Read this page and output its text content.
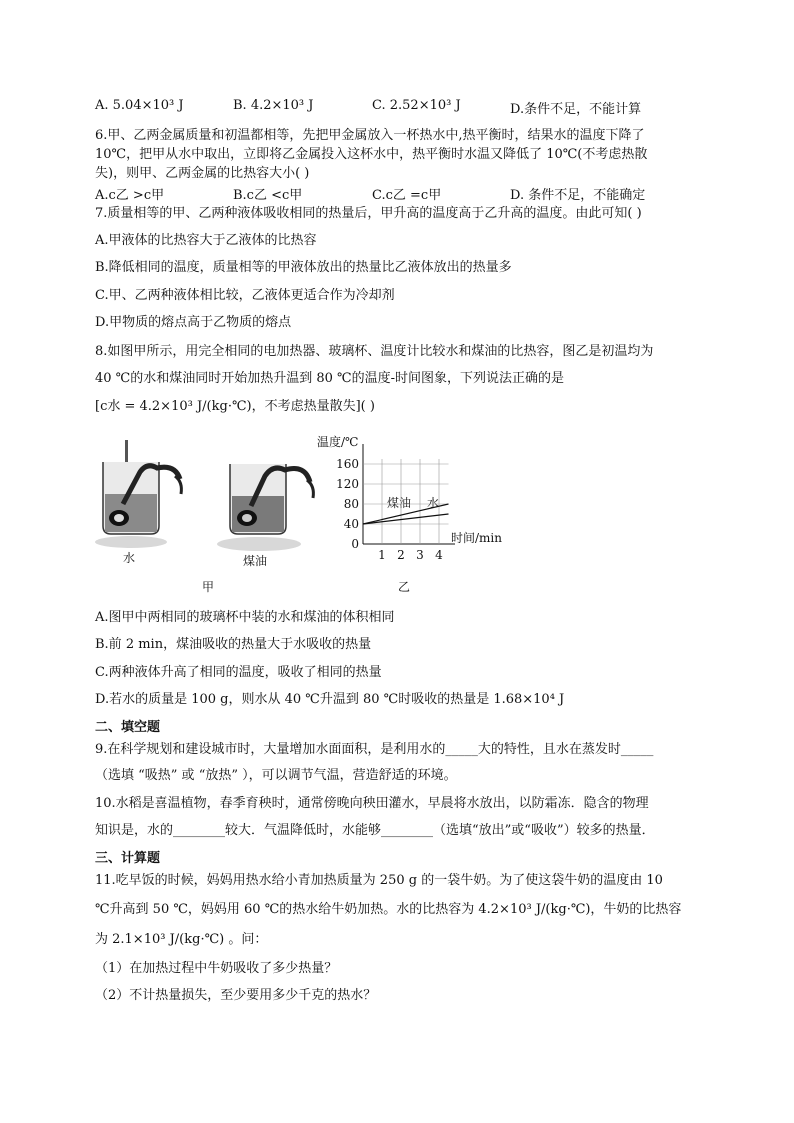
A. 5.04×10³ J	B. 4.2×10³ J	C. 2.52×10³ J	D.条件不足，不能计算
6.甲、乙两金属质量和初温都相等，先把甲金属放入一杯热水中,热平衡时，结果水的温度下降了
10℃，把甲从水中取出，立即将乙金属投入这杯水中，热平衡时水温又降低了 10℃(不考虑热散
失)，则甲、乙两金属的比热容大小( )
A.c乙 >c甲	B.c乙 <c甲	C.c乙 =c甲	D. 条件不足，不能确定
7.质量相等的甲、乙两种液体吸收相同的热量后，甲升高的温度高于乙升高的温度。由此可知( )
A.甲液体的比热容大于乙液体的比热容
B.降低相同的温度，质量相等的甲液体放出的热量比乙液体放出的热量多
C.甲、乙两种液体相比较，乙液体更适合作为冷却剂
D.甲物质的熔点高于乙物质的熔点
8.如图甲所示，用完全相同的电加热器、玻璃杯、温度计比较水和煤油的比热容，图乙是初温均为
40 ℃的水和煤油同时开始加热升温到 80 ℃的温度-时间图象，下列说法正确的是
[c水 = 4.2×10³ J/(kg·℃)，不考虑热量散失]( )
水	煤油
甲	乙
温度/℃
时间/min
煤油 水
0
40
80
120
160
1 2 3 4
A.图甲中两相同的玻璃杯中装的水和煤油的体积相同
B.前 2 min，煤油吸收的热量大于水吸收的热量
C.两种液体升高了相同的温度，吸收了相同的热量
D.若水的质量是 100 g，则水从 40 ℃升温到 80 ℃时吸收的热量是 1.68×10⁴ J
二、填空题
9.在科学规划和建设城市时，大量增加水面面积，是利用水的_____大的特性，且水在蒸发时_____
（选填 “吸热” 或 “放热” ），可以调节气温，营造舒适的环境。
10.水稻是喜温植物，春季育秧时，通常傍晚向秧田灌水，早晨将水放出，以防霜冻．隐含的物理
知识是，水的________较大．气温降低时，水能够________（选填“放出”或“吸收”）较多的热量．
三、计算题
11.吃早饭的时候，妈妈用热水给小青加热质量为 250 g 的一袋牛奶。为了使这袋牛奶的温度由 10
℃升高到 50 ℃，妈妈用 60 ℃的热水给牛奶加热。水的比热容为 4.2×10³ J/(kg·℃)，牛奶的比热容
为 2.1×10³ J/(kg·℃) 。问：
（1）在加热过程中牛奶吸收了多少热量？
（2）不计热量损失，至少要用多少千克的热水？
